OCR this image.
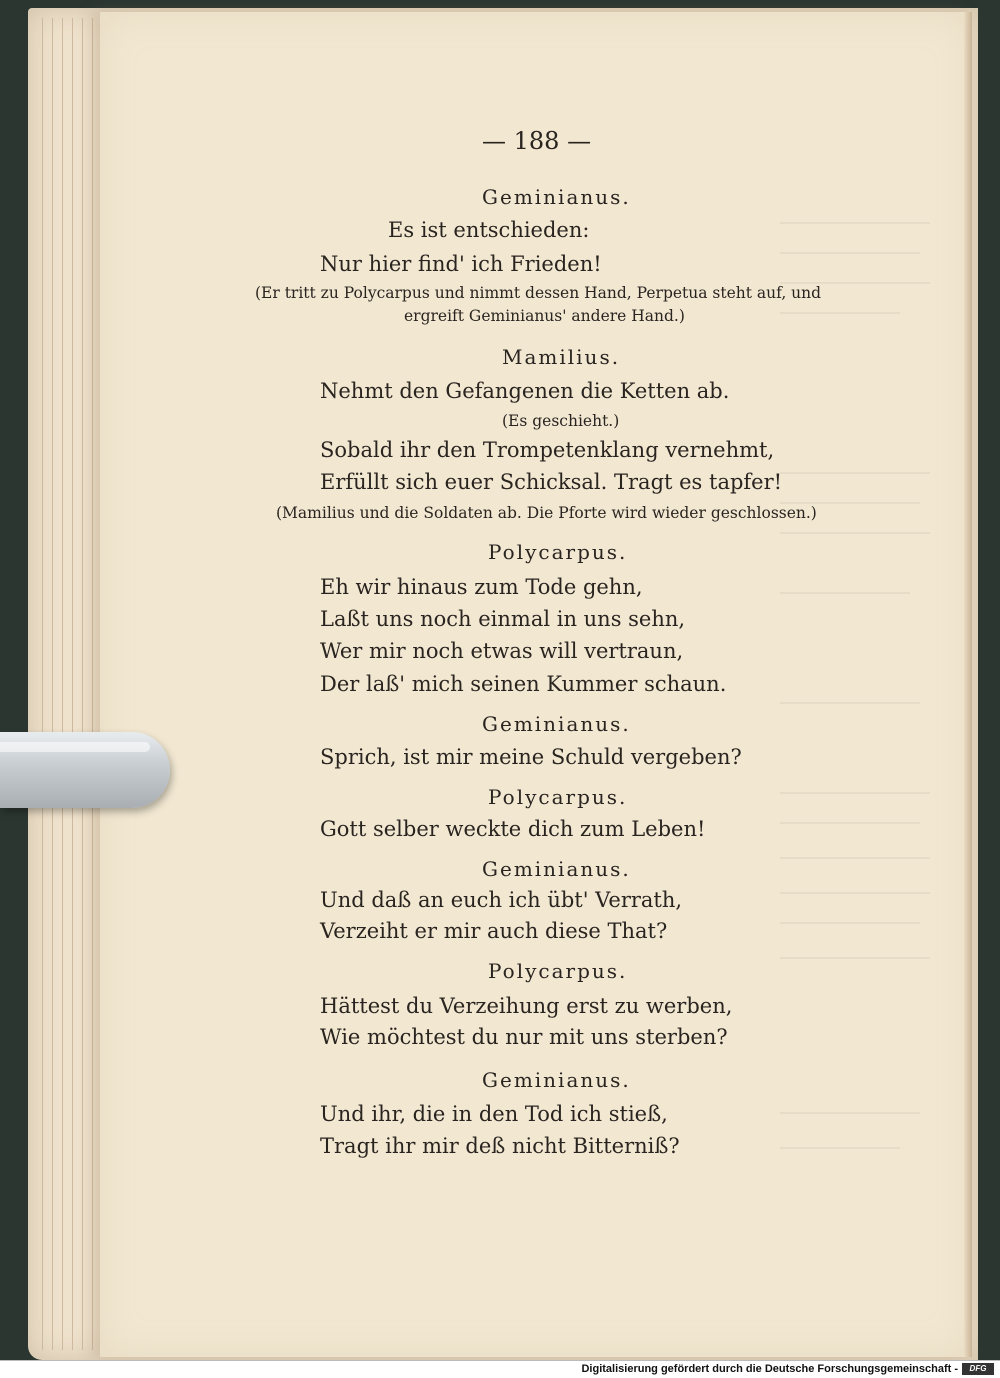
— 188 —
Geminianus.
Es ist entschieden:
Nur hier find' ich Frieden!
(Er tritt zu Polycarpus und nimmt dessen Hand, Perpetua steht auf, und
ergreift Geminianus' andere Hand.)
Mamilius.
Nehmt den Gefangenen die Ketten ab.
(Es geschieht.)
Sobald ihr den Trompetenklang vernehmt,
Erfüllt sich euer Schicksal. Tragt es tapfer!
(Mamilius und die Soldaten ab. Die Pforte wird wieder geschlossen.)
Polycarpus.
Eh wir hinaus zum Tode gehn,
Laßt uns noch einmal in uns sehn,
Wer mir noch etwas will vertraun,
Der laß' mich seinen Kummer schaun.
Geminianus.
Sprich, ist mir meine Schuld vergeben?
Polycarpus.
Gott selber weckte dich zum Leben!
Geminianus.
Und daß an euch ich übt' Verrath,
Verzeiht er mir auch diese That?
Polycarpus.
Hättest du Verzeihung erst zu werben,
Wie möchtest du nur mit uns sterben?
Geminianus.
Und ihr, die in den Tod ich stieß,
Tragt ihr mir deß nicht Bitterniß?
Digitalisierung gefördert durch die Deutsche Forschungsgemeinschaft -	DFG
